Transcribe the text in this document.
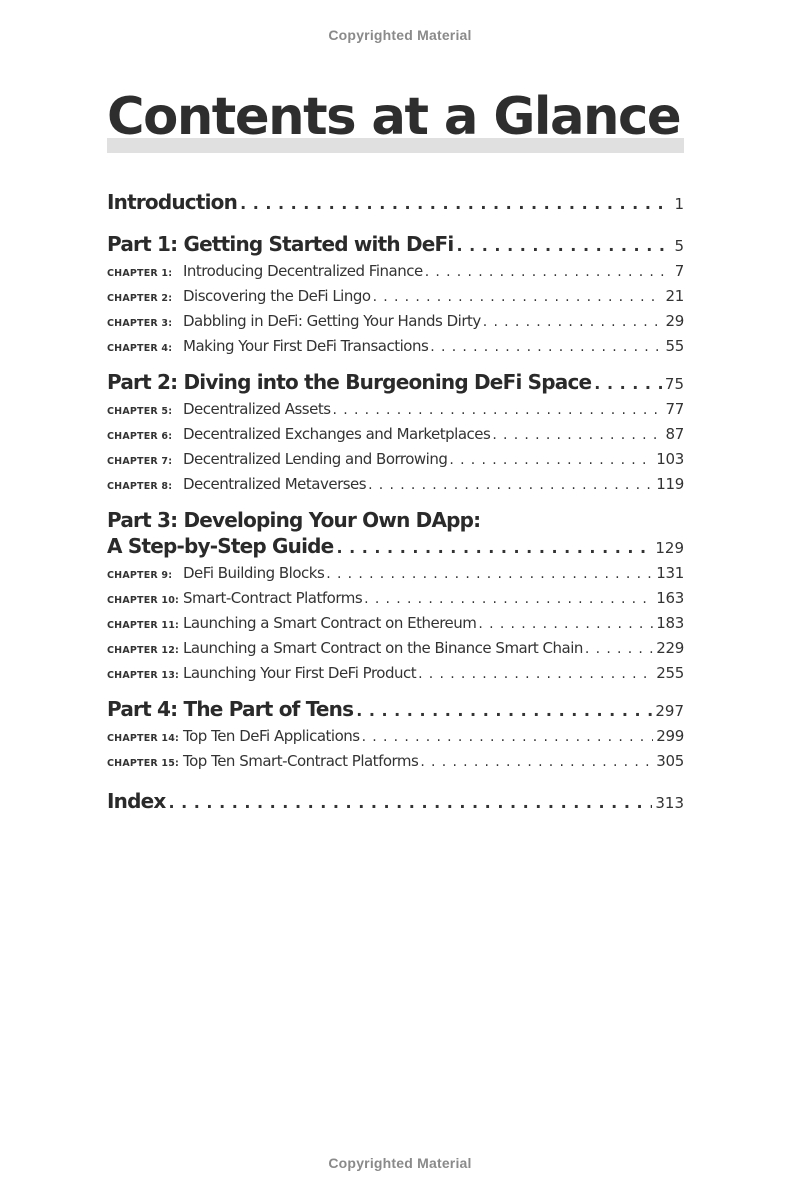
Copyrighted Material
Contents at a Glance
Introduction . . .	1
Part 1: Getting Started with DeFi . . .	5
CHAPTER 1: Introducing Decentralized Finance . . .	7
CHAPTER 2: Discovering the DeFi Lingo . . .	21
CHAPTER 3: Dabbling in DeFi: Getting Your Hands Dirty . . .	29
CHAPTER 4: Making Your First DeFi Transactions . . .	55
Part 2: Diving into the Burgeoning DeFi Space . . .	75
CHAPTER 5: Decentralized Assets . . .	77
CHAPTER 6: Decentralized Exchanges and Marketplaces . . .	87
CHAPTER 7: Decentralized Lending and Borrowing . . .	103
CHAPTER 8: Decentralized Metaverses . . .	119
Part 3: Developing Your Own DApp:
A Step-by-Step Guide . . .	129
CHAPTER 9: DeFi Building Blocks . . .	131
CHAPTER 10: Smart-Contract Platforms . . .	163
CHAPTER 11: Launching a Smart Contract on Ethereum . . .	183
CHAPTER 12: Launching a Smart Contract on the Binance Smart Chain . . .	229
CHAPTER 13: Launching Your First DeFi Product . . .	255
Part 4: The Part of Tens . . .	297
CHAPTER 14: Top Ten DeFi Applications . . .	299
CHAPTER 15: Top Ten Smart-Contract Platforms . . .	305
Index . . .	313
Copyrighted Material
